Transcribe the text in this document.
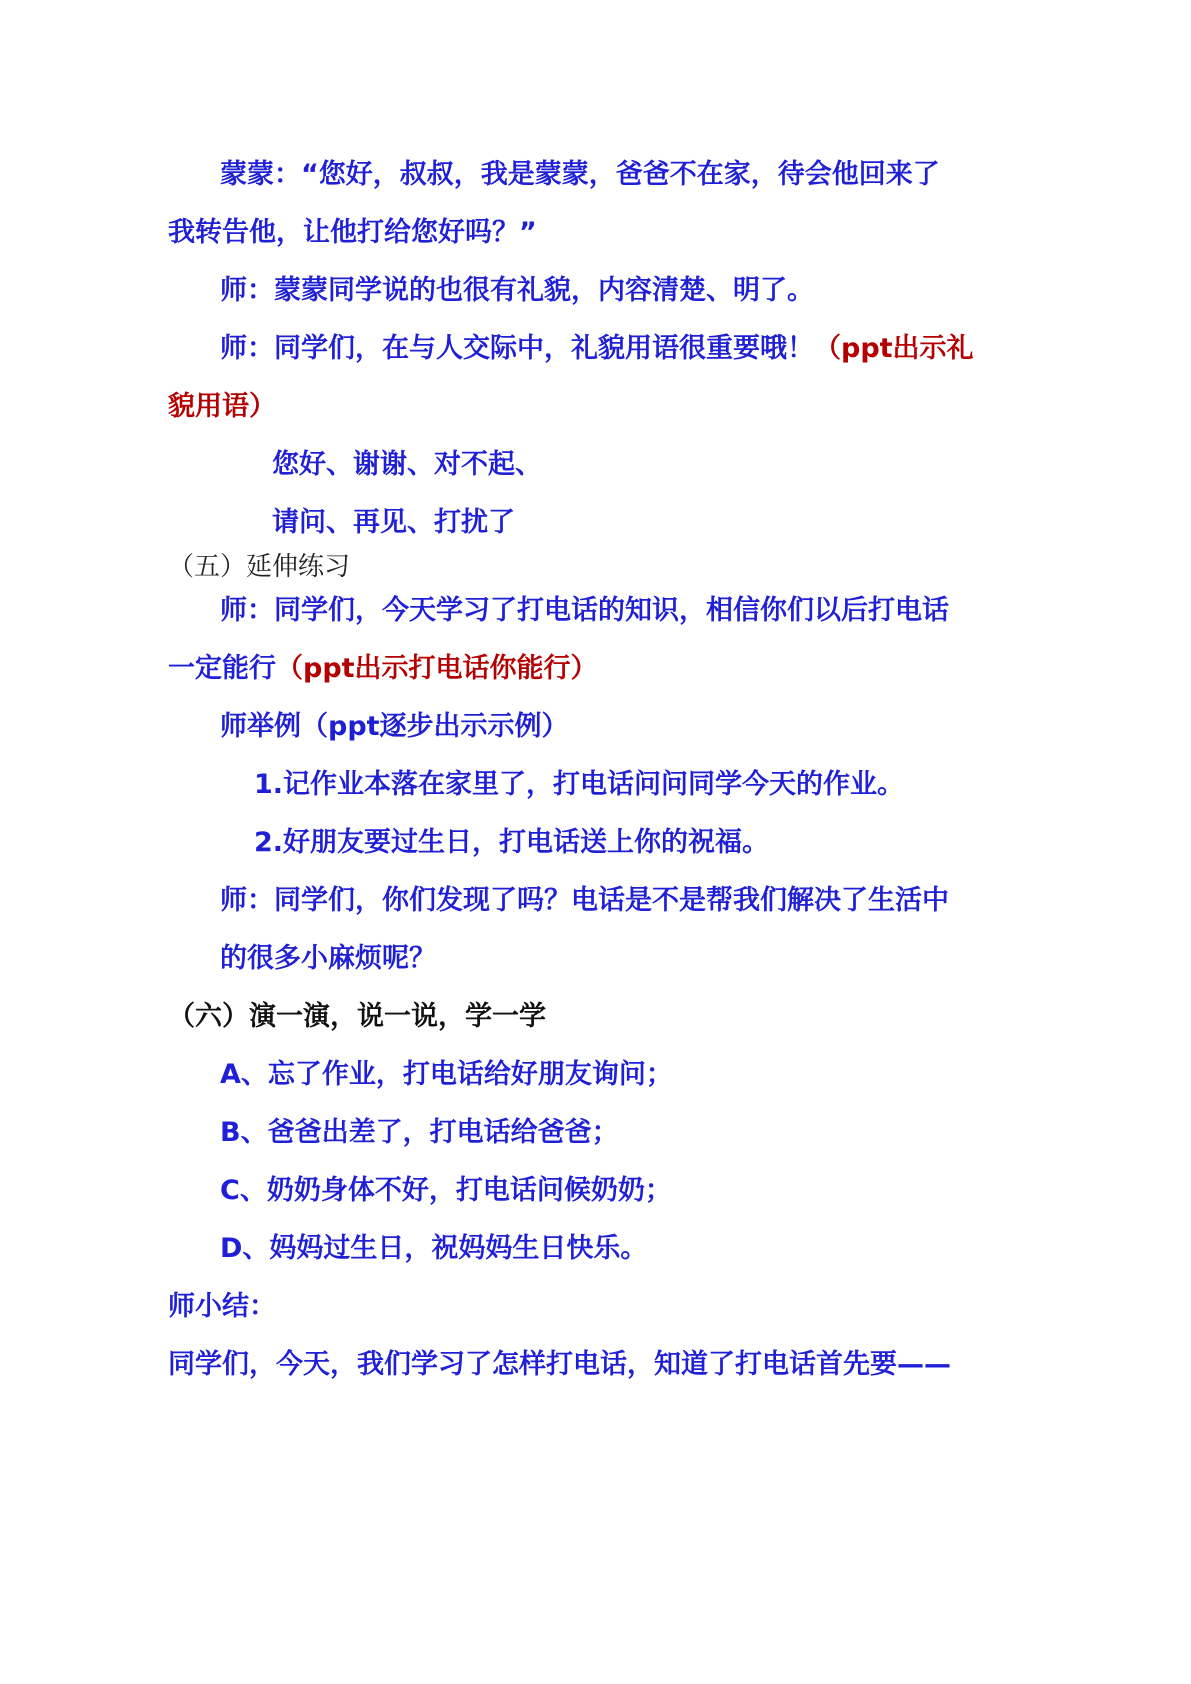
蒙蒙：“您好，叔叔，我是蒙蒙，爸爸不在家，待会他回来了
我转告他，让他打给您好吗？”
师：蒙蒙同学说的也很有礼貌，内容清楚、明了。
师：同学们，在与人交际中，礼貌用语很重要哦！（ppt出示礼
貌用语）
您好、谢谢、对不起、
请问、再见、打扰了
（五）延伸练习
师：同学们，今天学习了打电话的知识，相信你们以后打电话
一定能行（ppt出示打电话你能行）
师举例（ppt逐步出示示例）
1.记作业本落在家里了，打电话问问同学今天的作业。
2.好朋友要过生日，打电话送上你的祝福。
师：同学们，你们发现了吗？电话是不是帮我们解决了生活中
的很多小麻烦呢？
（六）演一演，说一说，学一学
A、忘了作业，打电话给好朋友询问；
B、爸爸出差了，打电话给爸爸；
C、奶奶身体不好，打电话问候奶奶；
D、妈妈过生日，祝妈妈生日快乐。
师小结：
同学们，今天，我们学习了怎样打电话，知道了打电话首先要——
